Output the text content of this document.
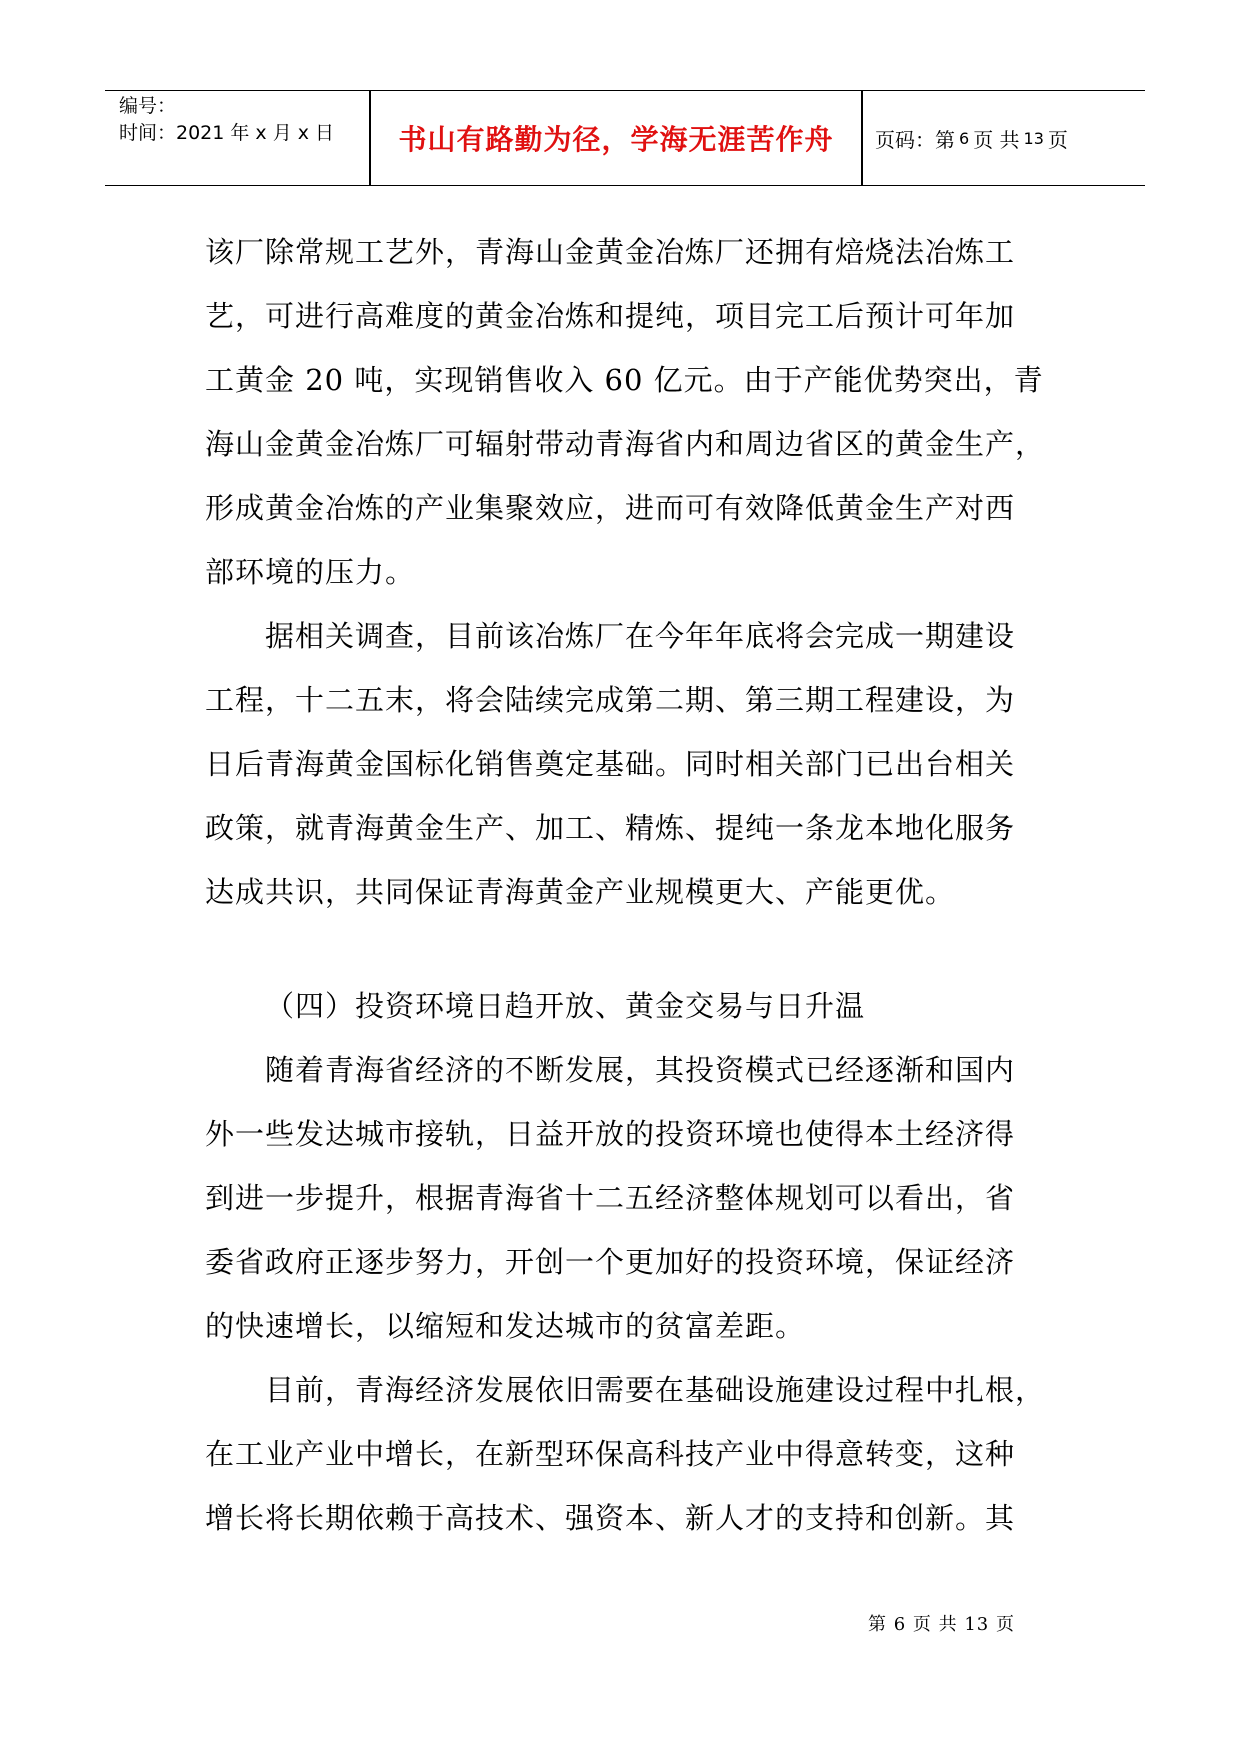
编号：
时间：2021 年 x 月 x 日	书山有路勤为径，学海无涯苦作舟	页码：第 6 页 共 13 页
该厂除常规工艺外，青海山金黄金冶炼厂还拥有焙烧法冶炼工
艺，可进行高难度的黄金冶炼和提纯，项目完工后预计可年加
工黄金 20 吨，实现销售收入 60 亿元。由于产能优势突出，青
海山金黄金冶炼厂可辐射带动青海省内和周边省区的黄金生产，
形成黄金冶炼的产业集聚效应，进而可有效降低黄金生产对西
部环境的压力。
据相关调查，目前该冶炼厂在今年年底将会完成一期建设
工程，十二五末，将会陆续完成第二期、第三期工程建设，为
日后青海黄金国标化销售奠定基础。同时相关部门已出台相关
政策，就青海黄金生产、加工、精炼、提纯一条龙本地化服务
达成共识，共同保证青海黄金产业规模更大、产能更优。
（四）投资环境日趋开放、黄金交易与日升温
随着青海省经济的不断发展，其投资模式已经逐渐和国内
外一些发达城市接轨，日益开放的投资环境也使得本土经济得
到进一步提升，根据青海省十二五经济整体规划可以看出，省
委省政府正逐步努力，开创一个更加好的投资环境，保证经济
的快速增长，以缩短和发达城市的贫富差距。
目前，青海经济发展依旧需要在基础设施建设过程中扎根，
在工业产业中增长，在新型环保高科技产业中得意转变，这种
增长将长期依赖于高技术、强资本、新人才的支持和创新。其
第 6 页 共 13 页
